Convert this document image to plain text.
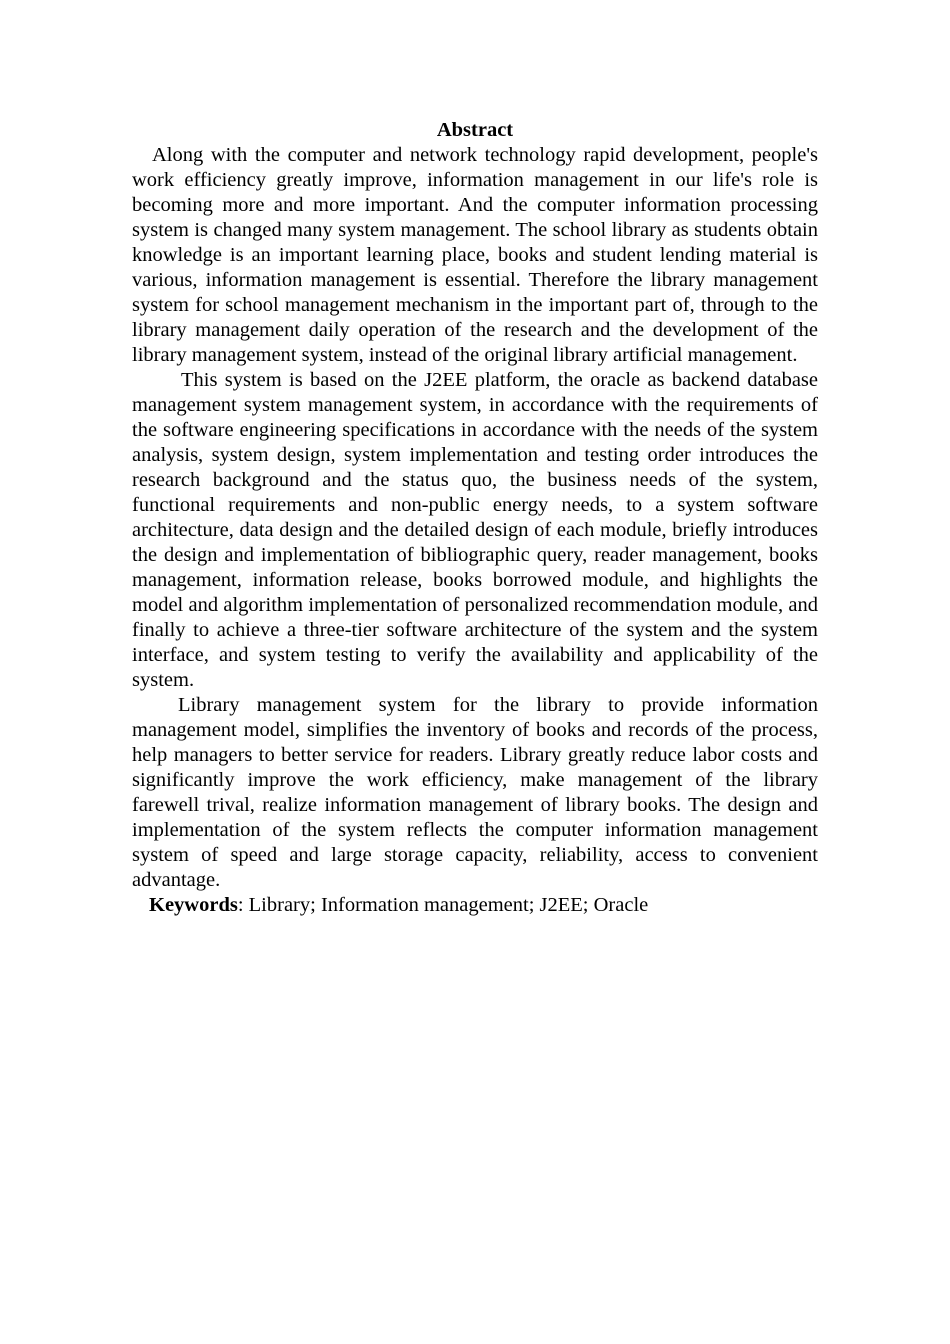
Abstract

Along with the computer and network technology rapid development, people's work efficiency greatly improve, information management in our life's role is becoming more and more important. And the computer information processing system is changed many system management. The school library as students obtain knowledge is an important learning place, books and student lending material is various, information management is essential. Therefore the library management system for school management mechanism in the important part of, through to the library management daily operation of the research and the development of the library management system, instead of the original library artificial management.

This system is based on the J2EE platform, the oracle as backend database management system management system, in accordance with the requirements of the software engineering specifications in accordance with the needs of the system analysis, system design, system implementation and testing order introduces the research background and the status quo, the business needs of the system, functional requirements and non-public energy needs, to a system software architecture, data design and the detailed design of each module, briefly introduces the design and implementation of bibliographic query, reader management, books management, information release, books borrowed module, and highlights the model and algorithm implementation of personalized recommendation module, and finally to achieve a three-tier software architecture of the system and the system interface, and system testing to verify the availability and applicability of the system.

Library management system for the library to provide information management model, simplifies the inventory of books and records of the process, help managers to better service for readers. Library greatly reduce labor costs and significantly improve the work efficiency, make management of the library farewell trival, realize information management of library books. The design and implementation of the system reflects the computer information management system of speed and large storage capacity, reliability, access to convenient advantage.

Keywords: Library; Information management; J2EE; Oracle
